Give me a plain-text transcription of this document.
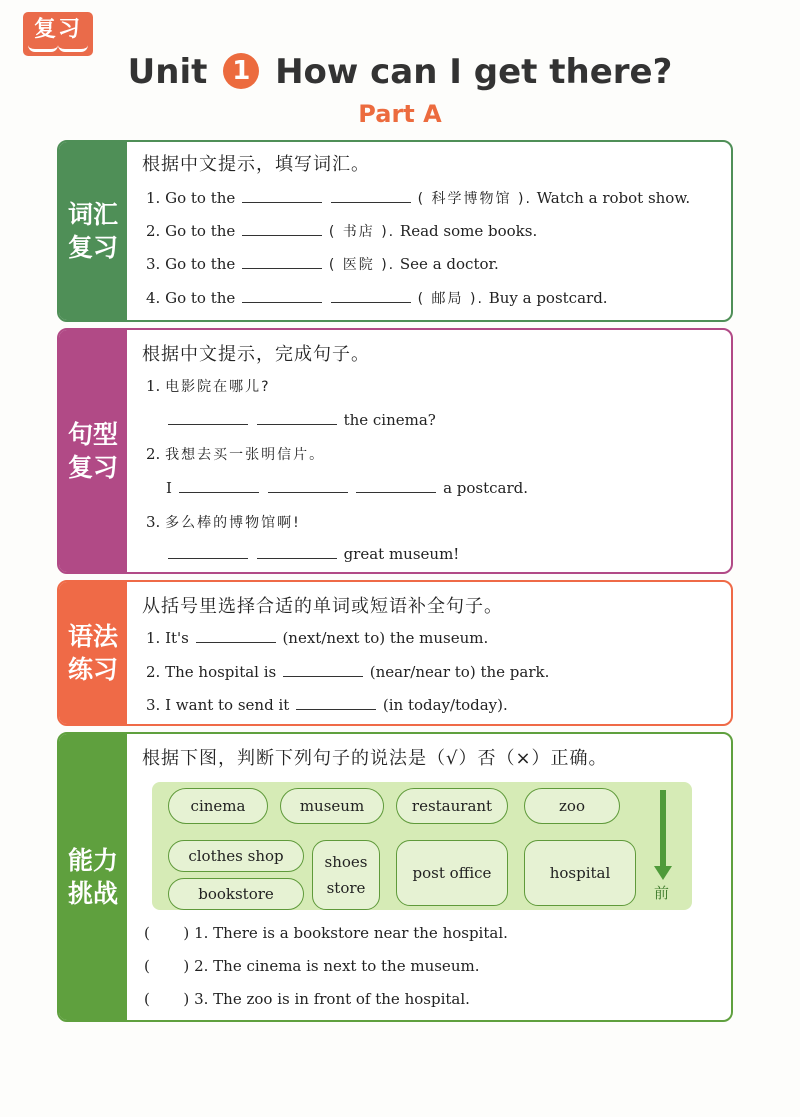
复习
Unit 1 How can I get there?
Part A
词汇
复习
根据中文提示，填写词汇。
1. Go to the	( 科学博物馆 ). Watch a robot show.
2. Go to the	( 书店 ). Read some books.
3. Go to the	( 医院 ). See a doctor.
4. Go to the	( 邮局 ). Buy a postcard.
句型
复习
根据中文提示，完成句子。
1. 电影院在哪儿?
the cinema?
2. 我想去买一张明信片。
I	a postcard.
3. 多么棒的博物馆啊!
great museum!
语法
练习
从括号里选择合适的单词或短语补全句子。
1. It's	(next/next to) the museum.
2. The hospital is	(near/near to) the park.
3. I want to send it	(in today/today).
能力
挑战
根据下图，判断下列句子的说法是（√）否（×）正确。
cinema	museum	restaurant	zoo
clothes shop
bookstore
shoes
store
post office	hospital
前
( ) 1. There is a bookstore near the hospital.
( ) 2. The cinema is next to the museum.
( ) 3. The zoo is in front of the hospital.
